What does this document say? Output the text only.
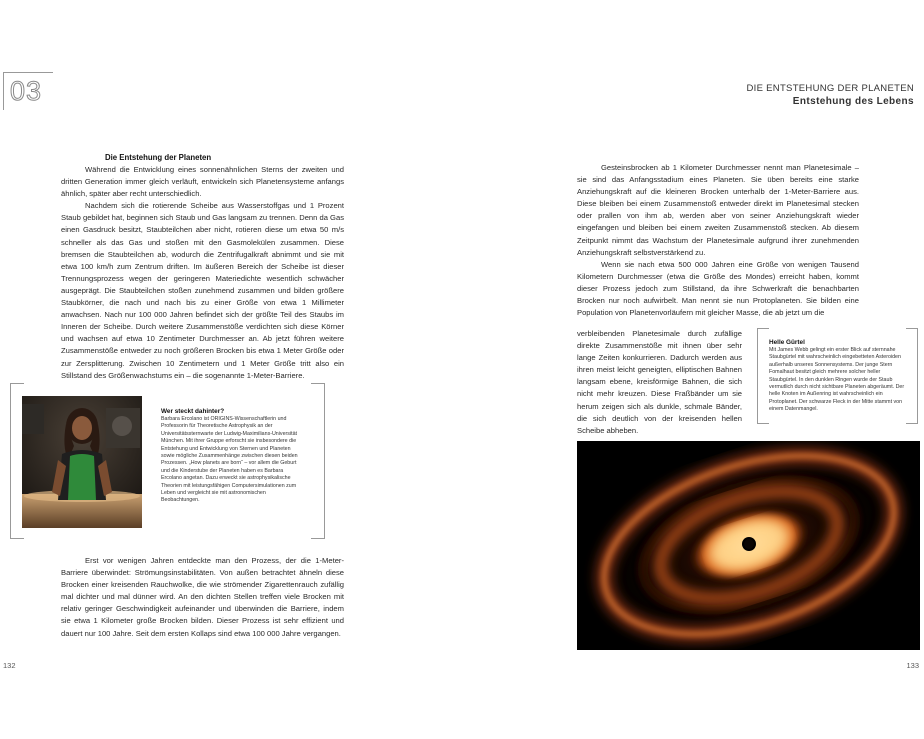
03	DIE ENTSTEHUNG DER PLANETEN
Entstehung des Lebens
Die Entstehung der Planeten

Während die Entwicklung eines sonnenähnlichen Sterns der zweiten und dritten Generation immer gleich verläuft, entwickeln sich Planetensysteme anfangs ähnlich, später aber recht unterschiedlich.

Nachdem sich die rotierende Scheibe aus Wasserstoffgas und 1 Prozent Staub gebildet hat, beginnen sich Staub und Gas langsam zu trennen. Denn da Gas einen Gasdruck besitzt, Staubteilchen aber nicht, rotieren diese um etwa 50 m/s schneller als das Gas und stoßen mit den Gasmolekülen zusammen. Diese bremsen die Staubteilchen ab, wodurch die Zentrifugalkraft abnimmt und sie mit etwa 100 km/h zum Zentrum driften. Im äußeren Bereich der Scheibe ist dieser Trennungsprozess wegen der geringeren Materiedichte wesentlich schwächer ausgeprägt. Die Staubteilchen stoßen zunehmend zusammen und bilden größere Staubkörner, die nach und nach bis zu einer Größe von etwa 1 Millimeter anwachsen. Nach nur 100 000 Jahren befindet sich der größte Teil des Staubs im Inneren der Scheibe. Durch weitere Zusammenstöße verdichten sich diese Körner und wachsen auf etwa 10 Zentimeter Durchmesser an. Ab jetzt führen weitere Zusammenstöße entweder zu noch größeren Brocken bis etwa 1 Meter Größe oder zur Zersplitterung. Zwischen 10 Zentimetern und 1 Meter Größe tritt also ein Stillstand des Größenwachstums ein – die sogenannte 1-Meter-Barriere.

Wer steckt dahinter?
Barbara Ercolano ist ORIGINS-Wissenschaftlerin und Professorin für Theoretische Astrophysik an der Universitätssternwarte der Ludwig-Maximilians-Universität München. Mit ihrer Gruppe erforscht sie insbesondere die Entstehung und Entwicklung von Sternen und Planeten sowie mögliche Zusammenhänge zwischen diesen beiden Prozessen. „How planets are born“ – vor allem die Geburt und die Kinderstube der Planeten haben es Barbara Ercolano angetan. Dazu erweckt sie astrophysikalische Theorien mit leistungsfähigen Computersimulationen zum Leben und vergleicht sie mit astronomischen Beobachtungen.

Erst vor wenigen Jahren entdeckte man den Prozess, der die 1-Meter-Barriere überwindet: Strömungsinstabilitäten. Von außen betrachtet ähneln diese Brocken einer kreisenden Rauchwolke, die wie strömender Zigarettenrauch zufällig mal dichter und mal dünner wird. An den dichten Stellen treffen viele Brocken mit relativ geringer Geschwindigkeit aufeinander und überwinden die Barriere, indem sie etwa 1 Kilometer große Brocken bilden. Dieser Prozess ist sehr effizient und dauert nur 100 Jahre. Seit dem ersten Kollaps sind etwa 100 000 Jahre vergangen.

132

Gesteinsbrocken ab 1 Kilometer Durchmesser nennt man Planetesimale – sie sind das Anfangsstadium eines Planeten. Sie üben bereits eine starke Anziehungskraft auf die kleineren Brocken unterhalb der 1-Meter-Barriere aus. Diese bleiben bei einem Zusammenstoß entweder direkt im Planetesimal stecken oder prallen von ihm ab, werden aber von seiner Anziehungskraft wieder eingefangen und bleiben bei einem zweiten Zusammenstoß stecken. Ab diesem Zeitpunkt nimmt das Wachstum der Planetesimale aufgrund ihrer zunehmenden Anziehungskraft selbstverstärkend zu.

Wenn sie nach etwa 500 000 Jahren eine Größe von wenigen Tausend Kilometern Durchmesser (etwa die Größe des Mondes) erreicht haben, kommt dieser Prozess jedoch zum Stillstand, da ihre Schwerkraft die benachbarten Brocken nur noch aufwirbelt. Man nennt sie nun Protoplaneten. Sie bilden eine Population von Planetenvorläufern mit gleicher Masse, die ab jetzt um die

verbleibenden Planetesimale durch zufällige direkte Zusammenstöße mit ihnen über sehr lange Zeiten konkurrieren. Dadurch werden aus ihren meist leicht geneigten, elliptischen Bahnen langsam ebene, kreisförmige Bahnen, die sich nicht mehr kreuzen. Diese Fraßbänder um sie herum zeigen sich als dunkle, schmale Bänder, die sich deutlich von der kreisenden hellen Scheibe abheben.

Helle Gürtel
Mit James Webb gelingt ein erster Blick auf sternnahe Staubgürtel mit wahrscheinlich eingebetteten Asteroiden außerhalb unseres Sonnensystems. Der junge Stern Fomalhaut besitzt gleich mehrere solcher heller Staubgürtel. In den dunklen Ringen wurde der Staub vermutlich durch nicht sichtbare Planeten abgeräumt. Der helle Knoten im Außenring ist wahrscheinlich ein Protoplanet. Der schwarze Fleck in der Mitte stammt von einem Datenmangel.
133
